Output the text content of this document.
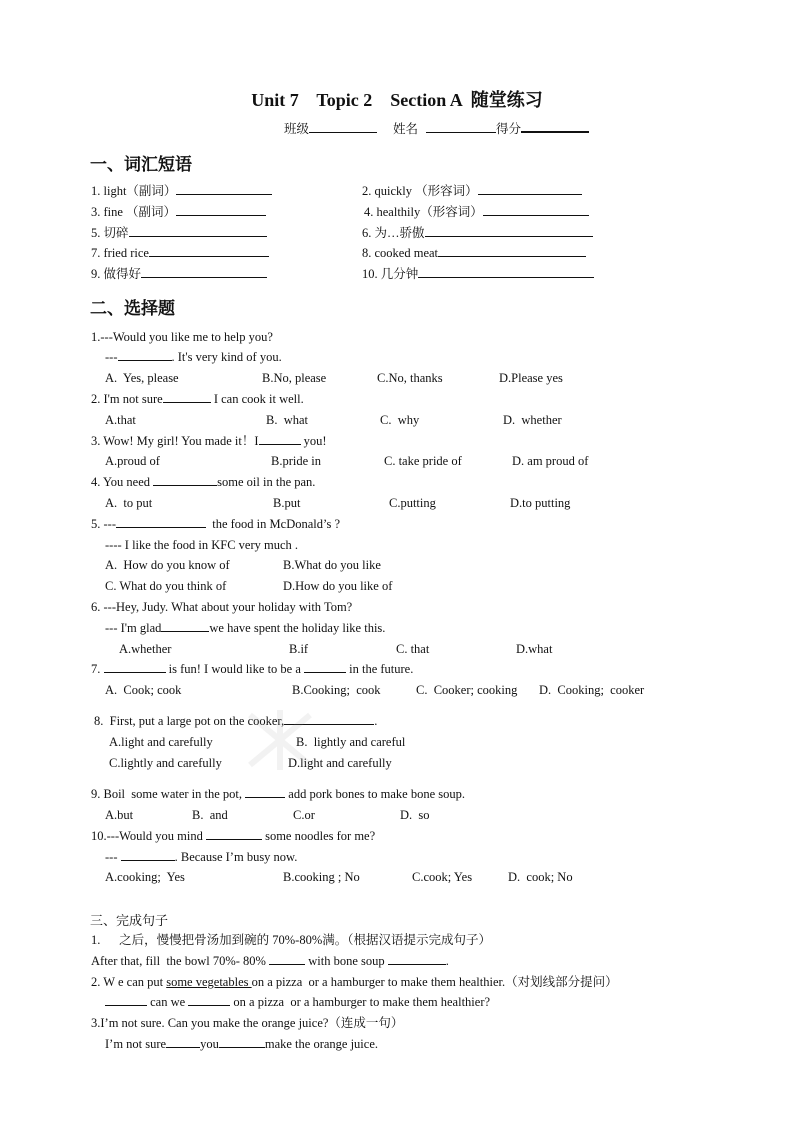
Unit 7    Topic 2    Section A  随堂练习
班级	姓名	得分
一、词汇短语
1. light（副词）	2. quickly （形容词）
3. fine （副词）	4. healthily（形容词）
5. 切碎	6. 为…骄傲
7. fried rice	8. cooked meat
9. 做得好	10. 几分钟
二、选择题
1.---Would you like me to help you?
---	. It's very kind of you.
A.  Yes, please	B.No, please	C.No, thanks	D.Please yes
2. I'm not sure	I can cook it well.
A.that	B.  what	C.  why	D.  whether
3. Wow! My girl! You made it！I	you!
A.proud of	B.pride in	C. take pride of	D. am proud of
4. You need	some oil in the pan.
A.  to put	B.put	C.putting	D.to putting
5. ---	the food in McDonald’s ?
---- I like the food in KFC very much .
A.  How do you know of	B.What do you like
C. What do you think of	D.How do you like of
6. ---Hey, Judy. What about your holiday with Tom?
--- I'm glad	we have spent the holiday like this.
A.whether	B.if	C. that	D.what
7.	is fun! I would like to be a	in the future.
A.  Cook; cook	B.Cooking;  cook	C.  Cooker; cooking D.  Cooking;  cooker
8.  First, put a large pot on the cooker,	.
A.light and carefully	B.  lightly and careful
C.lightly and carefully	D.light and carefully
9. Boil  some water in the pot,	add pork bones to make bone soup.
A.but	B.  and	C.or	D.  so
10.---Would you mind	some noodles for me?
---	. Because I’m busy now.
A.cooking;  Yes	B.cooking ; No	C.cook; Yes	D.  cook; No
三、完成句子
1.      之后，慢慢把骨汤加到碗的 70%-80%满。（根据汉语提示完成句子）
After that, fill  the bowl 70%- 80%	with bone soup	.
2. W e can put some vegetables on a pizza  or a hamburger to make them healthier.（对划线部分提问）
can we	on a pizza  or a hamburger to make them healthier?
3.I’m not sure. Can you make the orange juice?（连成一句）
I’m not sure	you	make the orange juice.
